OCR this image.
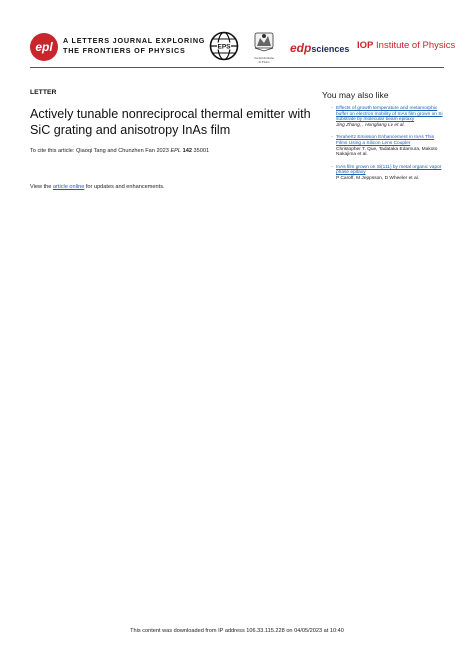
epl	A LETTERS JOURNAL EXPLORING
THE FRONTIERS OF PHYSICS	EPS
Società Italiana
di Fisica
edpsciences IOP Institute of Physics
LETTER
Actively tunable nonreciprocal thermal emitter with SiC grating and anisotropy InAs film
To cite this article: Qiaoqi Tang and Chunzhen Fan 2023 EPL 142 35001
View the article online for updates and enhancements.
You may also like
- Effects of growth temperature and metamorphic buffer on electron mobility of InAs film grown on Si substrate by molecular beam epitaxy
Jing Zhang, , Hongliang Lv et al.
- Terahertz Emission Enhancement in InAs Thin Films Using a Silicon Lens Coupler
Christopher T. Que, Tadataka Edamura, Makoto Nakajima et al.
- InAs film grown on Si(111) by metal organic vapor phase epitaxy
P Caroff, M Jeppsson, D Wheeler et al.
This content was downloaded from IP address 106.33.115.228 on 04/05/2023 at 10:40
